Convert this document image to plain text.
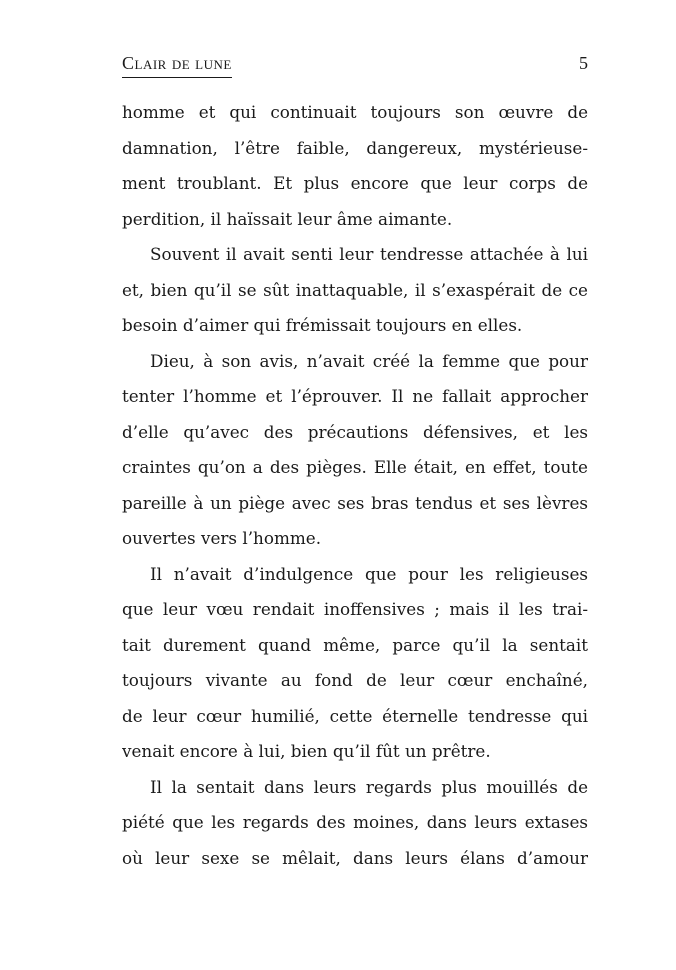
Clair de lune	5
homme et qui continuait toujours son œuvre de
damnation, l’être faible, dangereux, mystérieuse-
ment troublant. Et plus encore que leur corps de
perdition, il haïssait leur âme aimante.
Souvent il avait senti leur tendresse attachée à lui
et, bien qu’il se sût inattaquable, il s’exaspérait de ce
besoin d’aimer qui frémissait toujours en elles.
Dieu, à son avis, n’avait créé la femme que pour
tenter l’homme et l’éprouver. Il ne fallait approcher
d’elle qu’avec des précautions défensives, et les
craintes qu’on a des pièges. Elle était, en effet, toute
pareille à un piège avec ses bras tendus et ses lèvres
ouvertes vers l’homme.
Il n’avait d’indulgence que pour les religieuses
que leur vœu rendait inoffensives ; mais il les trai-
tait durement quand même, parce qu’il la sentait
toujours vivante au fond de leur cœur enchaîné,
de leur cœur humilié, cette éternelle tendresse qui
venait encore à lui, bien qu’il fût un prêtre.
Il la sentait dans leurs regards plus mouillés de
piété que les regards des moines, dans leurs extases
où leur sexe se mêlait, dans leurs élans d’amour
